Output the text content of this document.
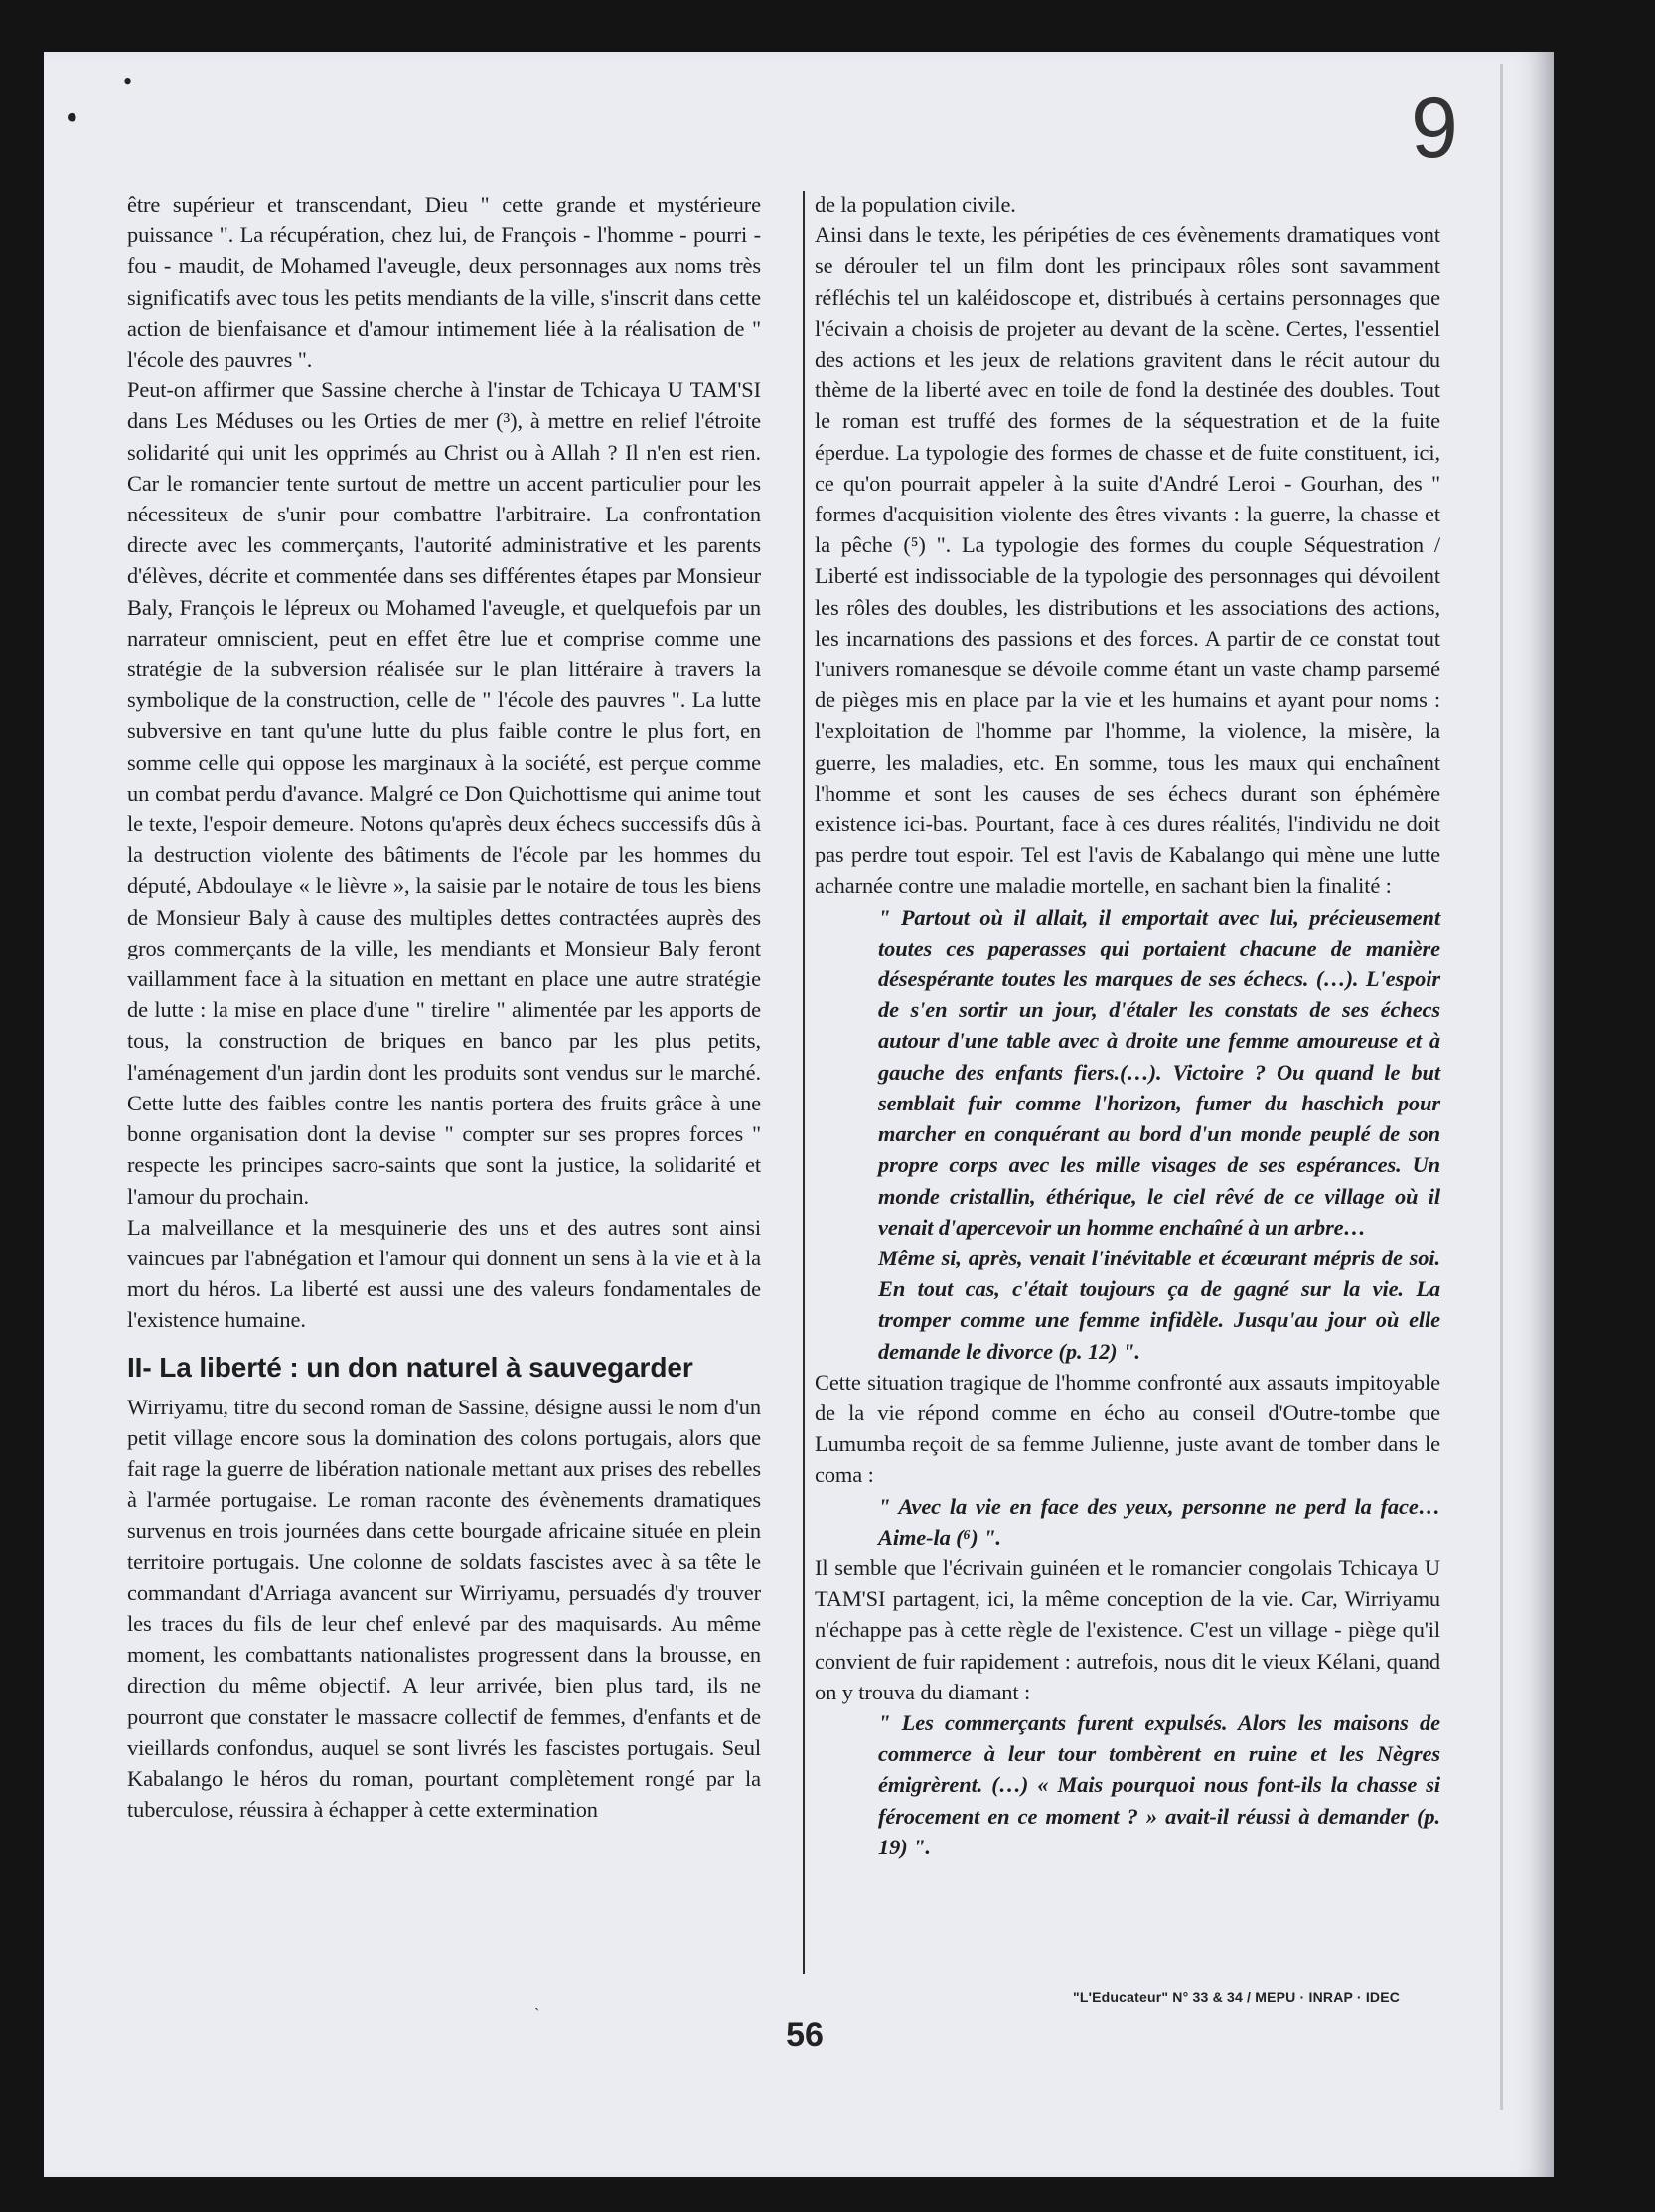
•
•	9

être supérieur et transcendant, Dieu " cette grande et mystérieure puissance ". La récupération, chez lui, de François - l'homme - pourri - fou - maudit, de Mohamed l'aveugle, deux personnages aux noms très significatifs avec tous les petits mendiants de la ville, s'inscrit dans cette action de bienfaisance et d'amour intimement liée à la réalisation de " l'école des pauvres ".

Peut-on affirmer que Sassine cherche à l'instar de Tchicaya U TAM'SI dans Les Méduses ou les Orties de mer (³), à mettre en relief l'étroite solidarité qui unit les opprimés au Christ ou à Allah ? Il n'en est rien. Car le romancier tente surtout de mettre un accent particulier pour les nécessiteux de s'unir pour combattre l'arbitraire. La confrontation directe avec les commerçants, l'autorité administrative et les parents d'élèves, décrite et commentée dans ses différentes étapes par Monsieur Baly, François le lépreux ou Mohamed l'aveugle, et quelquefois par un narrateur omniscient, peut en effet être lue et comprise comme une stratégie de la subversion réalisée sur le plan littéraire à travers la symbolique de la construction, celle de " l'école des pauvres ". La lutte subversive en tant qu'une lutte du plus faible contre le plus fort, en somme celle qui oppose les marginaux à la société, est perçue comme un combat perdu d'avance. Malgré ce Don Quichottisme qui anime tout le texte, l'espoir demeure. Notons qu'après deux échecs successifs dûs à la destruction violente des bâtiments de l'école par les hommes du député, Abdoulaye « le lièvre », la saisie par le notaire de tous les biens de Monsieur Baly à cause des multiples dettes contractées auprès des gros commerçants de la ville, les mendiants et Monsieur Baly feront vaillamment face à la situation en mettant en place une autre stratégie de lutte : la mise en place d'une " tirelire " alimentée par les apports de tous, la construction de briques en banco par les plus petits, l'aménagement d'un jardin dont les produits sont vendus sur le marché. Cette lutte des faibles contre les nantis portera des fruits grâce à une bonne organisation dont la devise " compter sur ses propres forces " respecte les principes sacro-saints que sont la justice, la solidarité et l'amour du prochain.

La malveillance et la mesquinerie des uns et des autres sont ainsi vaincues par l'abnégation et l'amour qui donnent un sens à la vie et à la mort du héros. La liberté est aussi une des valeurs fondamentales de l'existence humaine.

II- La liberté : un don naturel à sauvegarder

Wirriyamu, titre du second roman de Sassine, désigne aussi le nom d'un petit village encore sous la domination des colons portugais, alors que fait rage la guerre de libération nationale mettant aux prises des rebelles à l'armée portugaise. Le roman raconte des évènements dramatiques survenus en trois journées dans cette bourgade africaine située en plein territoire portugais. Une colonne de soldats fascistes avec à sa tête le commandant d'Arriaga avancent sur Wirriyamu, persuadés d'y trouver les traces du fils de leur chef enlevé par des maquisards. Au même moment, les combattants nationalistes progressent dans la brousse, en direction du même objectif. A leur arrivée, bien plus tard, ils ne pourront que constater le massacre collectif de femmes, d'enfants et de vieillards confondus, auquel se sont livrés les fascistes portugais. Seul Kabalango le héros du roman, pourtant complètement rongé par la tuberculose, réussira à échapper à cette extermination

de la population civile.

Ainsi dans le texte, les péripéties de ces évènements dramatiques vont se dérouler tel un film dont les principaux rôles sont savamment réfléchis tel un kaléidoscope et, distribués à certains personnages que l'écivain a choisis de projeter au devant de la scène. Certes, l'essentiel des actions et les jeux de relations gravitent dans le récit autour du thème de la liberté avec en toile de fond la destinée des doubles. Tout le roman est truffé des formes de la séquestration et de la fuite éperdue. La typologie des formes de chasse et de fuite constituent, ici, ce qu'on pourrait appeler à la suite d'André Leroi - Gourhan, des " formes d'acquisition violente des êtres vivants : la guerre, la chasse et la pêche (⁵) ". La typologie des formes du couple Séquestration / Liberté est indissociable de la typologie des personnages qui dévoilent les rôles des doubles, les distributions et les associations des actions, les incarnations des passions et des forces. A partir de ce constat tout l'univers romanesque se dévoile comme étant un vaste champ parsemé de pièges mis en place par la vie et les humains et ayant pour noms : l'exploitation de l'homme par l'homme, la violence, la misère, la guerre, les maladies, etc. En somme, tous les maux qui enchaînent l'homme et sont les causes de ses échecs durant son éphémère existence ici-bas. Pourtant, face à ces dures réalités, l'individu ne doit pas perdre tout espoir. Tel est l'avis de Kabalango qui mène une lutte acharnée contre une maladie mortelle, en sachant bien la finalité :

" Partout où il allait, il emportait avec lui, précieusement toutes ces paperasses qui portaient chacune de manière désespérante toutes les marques de ses échecs. (…). L'espoir de s'en sortir un jour, d'étaler les constats de ses échecs autour d'une table avec à droite une femme amoureuse et à gauche des enfants fiers.(…). Victoire ? Ou quand le but semblait fuir comme l'horizon, fumer du haschich pour marcher en conquérant au bord d'un monde peuplé de son propre corps avec les mille visages de ses espérances. Un monde cristallin, éthérique, le ciel rêvé de ce village où il venait d'apercevoir un homme enchaîné à un arbre…

Même si, après, venait l'inévitable et écœurant mépris de soi. En tout cas, c'était toujours ça de gagné sur la vie. La tromper comme une femme infidèle. Jusqu'au jour où elle demande le divorce (p. 12) ".

Cette situation tragique de l'homme confronté aux assauts impitoyable de la vie répond comme en écho au conseil d'Outre-tombe que Lumumba reçoit de sa femme Julienne, juste avant de tomber dans le coma :

" Avec la vie en face des yeux, personne ne perd la face… Aime-la (⁶) ".

Il semble que l'écrivain guinéen et le romancier congolais Tchicaya U TAM'SI partagent, ici, la même conception de la vie. Car, Wirriyamu n'échappe pas à cette règle de l'existence. C'est un village - piège qu'il convient de fuir rapidement : autrefois, nous dit le vieux Kélani, quand on y trouva du diamant :

" Les commerçants furent expulsés. Alors les maisons de commerce à leur tour tombèrent en ruine et les Nègres émigrèrent. (…) « Mais pourquoi nous font-ils la chasse si férocement en ce moment ? » avait-il réussi à demander (p. 19) ".

ˏ	"L'Educateur" N° 33 & 34 / MEPU · INRAP · IDEC
56
